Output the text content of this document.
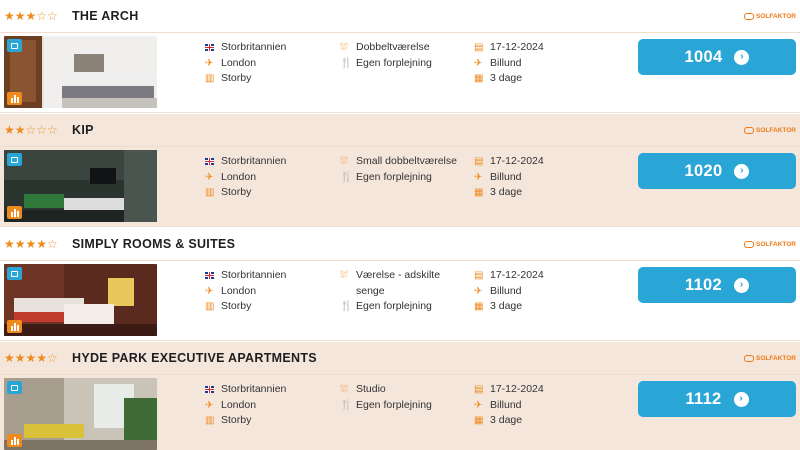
★★★☆☆ THE ARCH	SOLFAKTOR
Storbritannien
✈ London
▥ Storby
⛆ Dobbeltværelse
🍴 Egen forplejning
▤ 17-12-2024
✈ Billund
▦ 3 dage
1004	›
★★☆☆☆ KIP	SOLFAKTOR
Storbritannien
✈ London
▥ Storby
⛆ Small dobbeltværelse
🍴 Egen forplejning
▤ 17-12-2024
✈ Billund
▦ 3 dage
1020	›
★★★★☆ SIMPLY ROOMS & SUITES	SOLFAKTOR
Storbritannien
✈ London
▥ Storby
⛆ Værelse - adskilte
senge
🍴 Egen forplejning
▤ 17-12-2024
✈ Billund
▦ 3 dage
1102	›
★★★★☆ HYDE PARK EXECUTIVE APARTMENTS	SOLFAKTOR
Storbritannien
✈ London
▥ Storby
⛆ Studio
🍴 Egen forplejning
▤ 17-12-2024
✈ Billund
▦ 3 dage
1112	›
